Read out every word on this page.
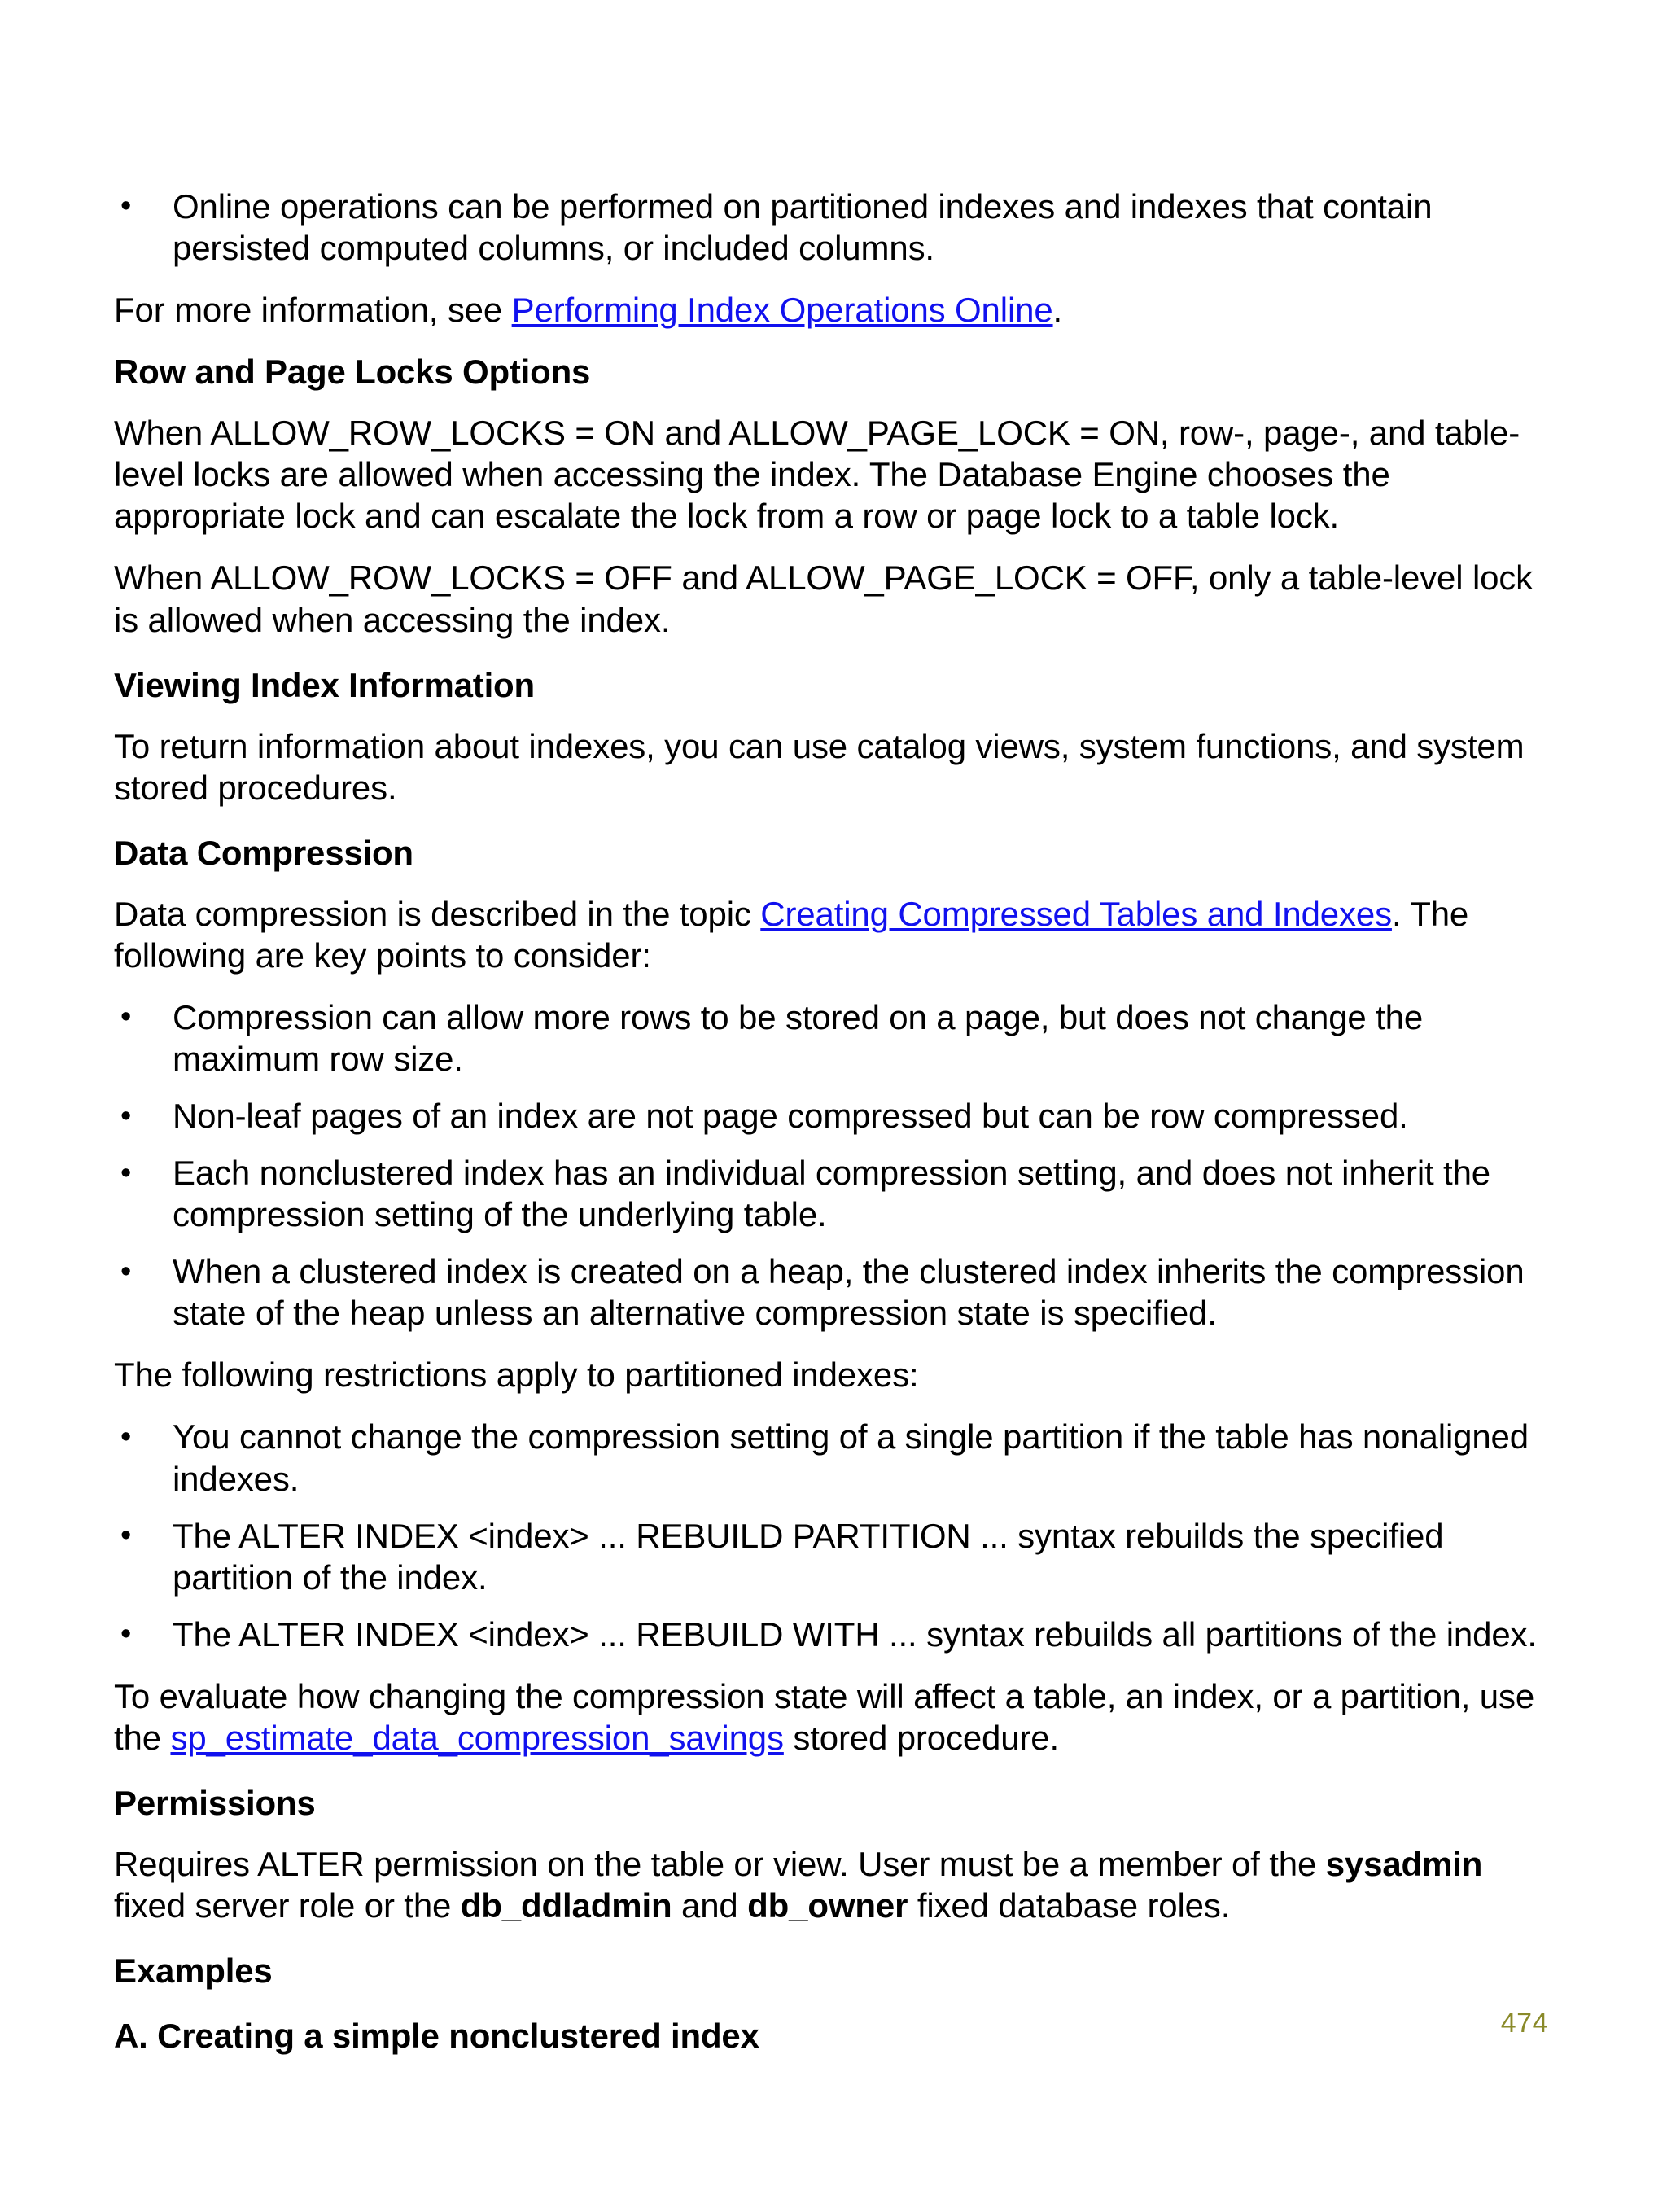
• Online operations can be performed on partitioned indexes and indexes that contain persisted computed columns, or included columns.

For more information, see Performing Index Operations Online.

Row and Page Locks Options

When ALLOW_ROW_LOCKS = ON and ALLOW_PAGE_LOCK = ON, row-, page-, and table-level locks are allowed when accessing the index. The Database Engine chooses the appropriate lock and can escalate the lock from a row or page lock to a table lock.

When ALLOW_ROW_LOCKS = OFF and ALLOW_PAGE_LOCK = OFF, only a table-level lock is allowed when accessing the index.

Viewing Index Information

To return information about indexes, you can use catalog views, system functions, and system stored procedures.

Data Compression

Data compression is described in the topic Creating Compressed Tables and Indexes. The following are key points to consider:

• Compression can allow more rows to be stored on a page, but does not change the maximum row size.
• Non-leaf pages of an index are not page compressed but can be row compressed.
• Each nonclustered index has an individual compression setting, and does not inherit the compression setting of the underlying table.
• When a clustered index is created on a heap, the clustered index inherits the compression state of the heap unless an alternative compression state is specified.

The following restrictions apply to partitioned indexes:

• You cannot change the compression setting of a single partition if the table has nonaligned indexes.
• The ALTER INDEX <index> ... REBUILD PARTITION ... syntax rebuilds the specified partition of the index.
• The ALTER INDEX <index> ... REBUILD WITH ... syntax rebuilds all partitions of the index.

To evaluate how changing the compression state will affect a table, an index, or a partition, use the sp_estimate_data_compression_savings stored procedure.

Permissions

Requires ALTER permission on the table or view. User must be a member of the sysadmin fixed server role or the db_ddladmin and db_owner fixed database roles.

Examples
A. Creating a simple nonclustered index	474
